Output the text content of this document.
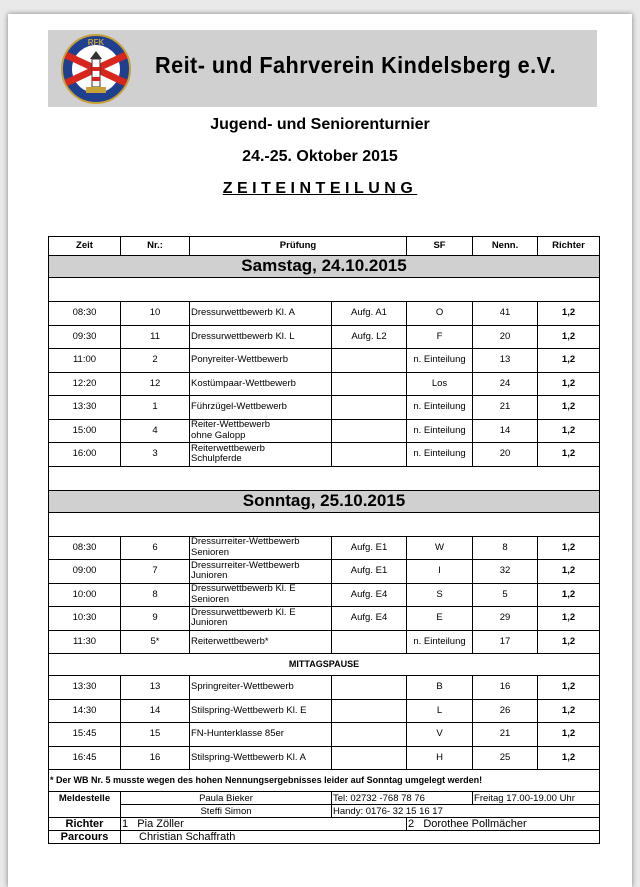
RFK
Reit- und Fahrverein Kindelsberg e.V.
Jugend- und Seniorenturnier
24.-25. Oktober 2015
ZEITEINTEILUNG
Zeit	Nr.:	Prüfung		SF	Nenn.	Richter
Samstag, 24.10.2015						

08:30	10	Dressurwettbewerb Kl. A	Aufg. A1	O	41	1,2
09:30	11	Dressurwettbewerb Kl. L	Aufg. L2	F	20	1,2
11:00	2	Ponyreiter-Wettbewerb		n. Einteilung	13	1,2
12:20	12	Kostümpaar-Wettbewerb		Los	24	1,2
13:30	1	Führzügel-Wettbewerb		n. Einteilung	21	1,2
15:00	4	Reiter-Wettbewerb
ohne Galopp		n. Einteilung	14	1,2
16:00	3	Reiterwettbewerb
Schulpferde		n. Einteilung	20	1,2

Sonntag, 25.10.2015						

08:30	6	Dressurreiter-Wettbewerb
Senioren	Aufg. E1	W	8	1,2
09:00	7	Dressurreiter-Wettbewerb
Junioren	Aufg. E1	I	32	1,2
10:00	8	Dressurwettbewerb Kl. E
Senioren	Aufg. E4	S	5	1,2
10:30	9	Dressurwettbewerb Kl. E
Junioren	Aufg. E4	E	29	1,2
11:30	5*	Reiterwettbewerb*		n. Einteilung	17	1,2
MITTAGSPAUSE						
13:30	13	Springreiter-Wettbewerb		B	16	1,2
14:30	14	Stilspring-Wettbewerb Kl. E		L	26	1,2
15:45	15	FN-Hunterklasse 85er		V	21	1,2
16:45	16	Stilspring-Wettbewerb Kl. A		H	25	1,2
* Der WB Nr. 5 musste wegen des hohen Nennungsergebnisses leider auf Sonntag umgelegt werden!						
Meldestelle	Paula Bieker		Tel: 02732 -768 78 76		Freitag 17.00-19.00 Uhr	
	Steffi Simon		Handy: 0176- 32 15 16 17			
Richter	1 Pia Zöller			2 Dorothee Pollmächer		
Parcours	Christian Schaffrath					
